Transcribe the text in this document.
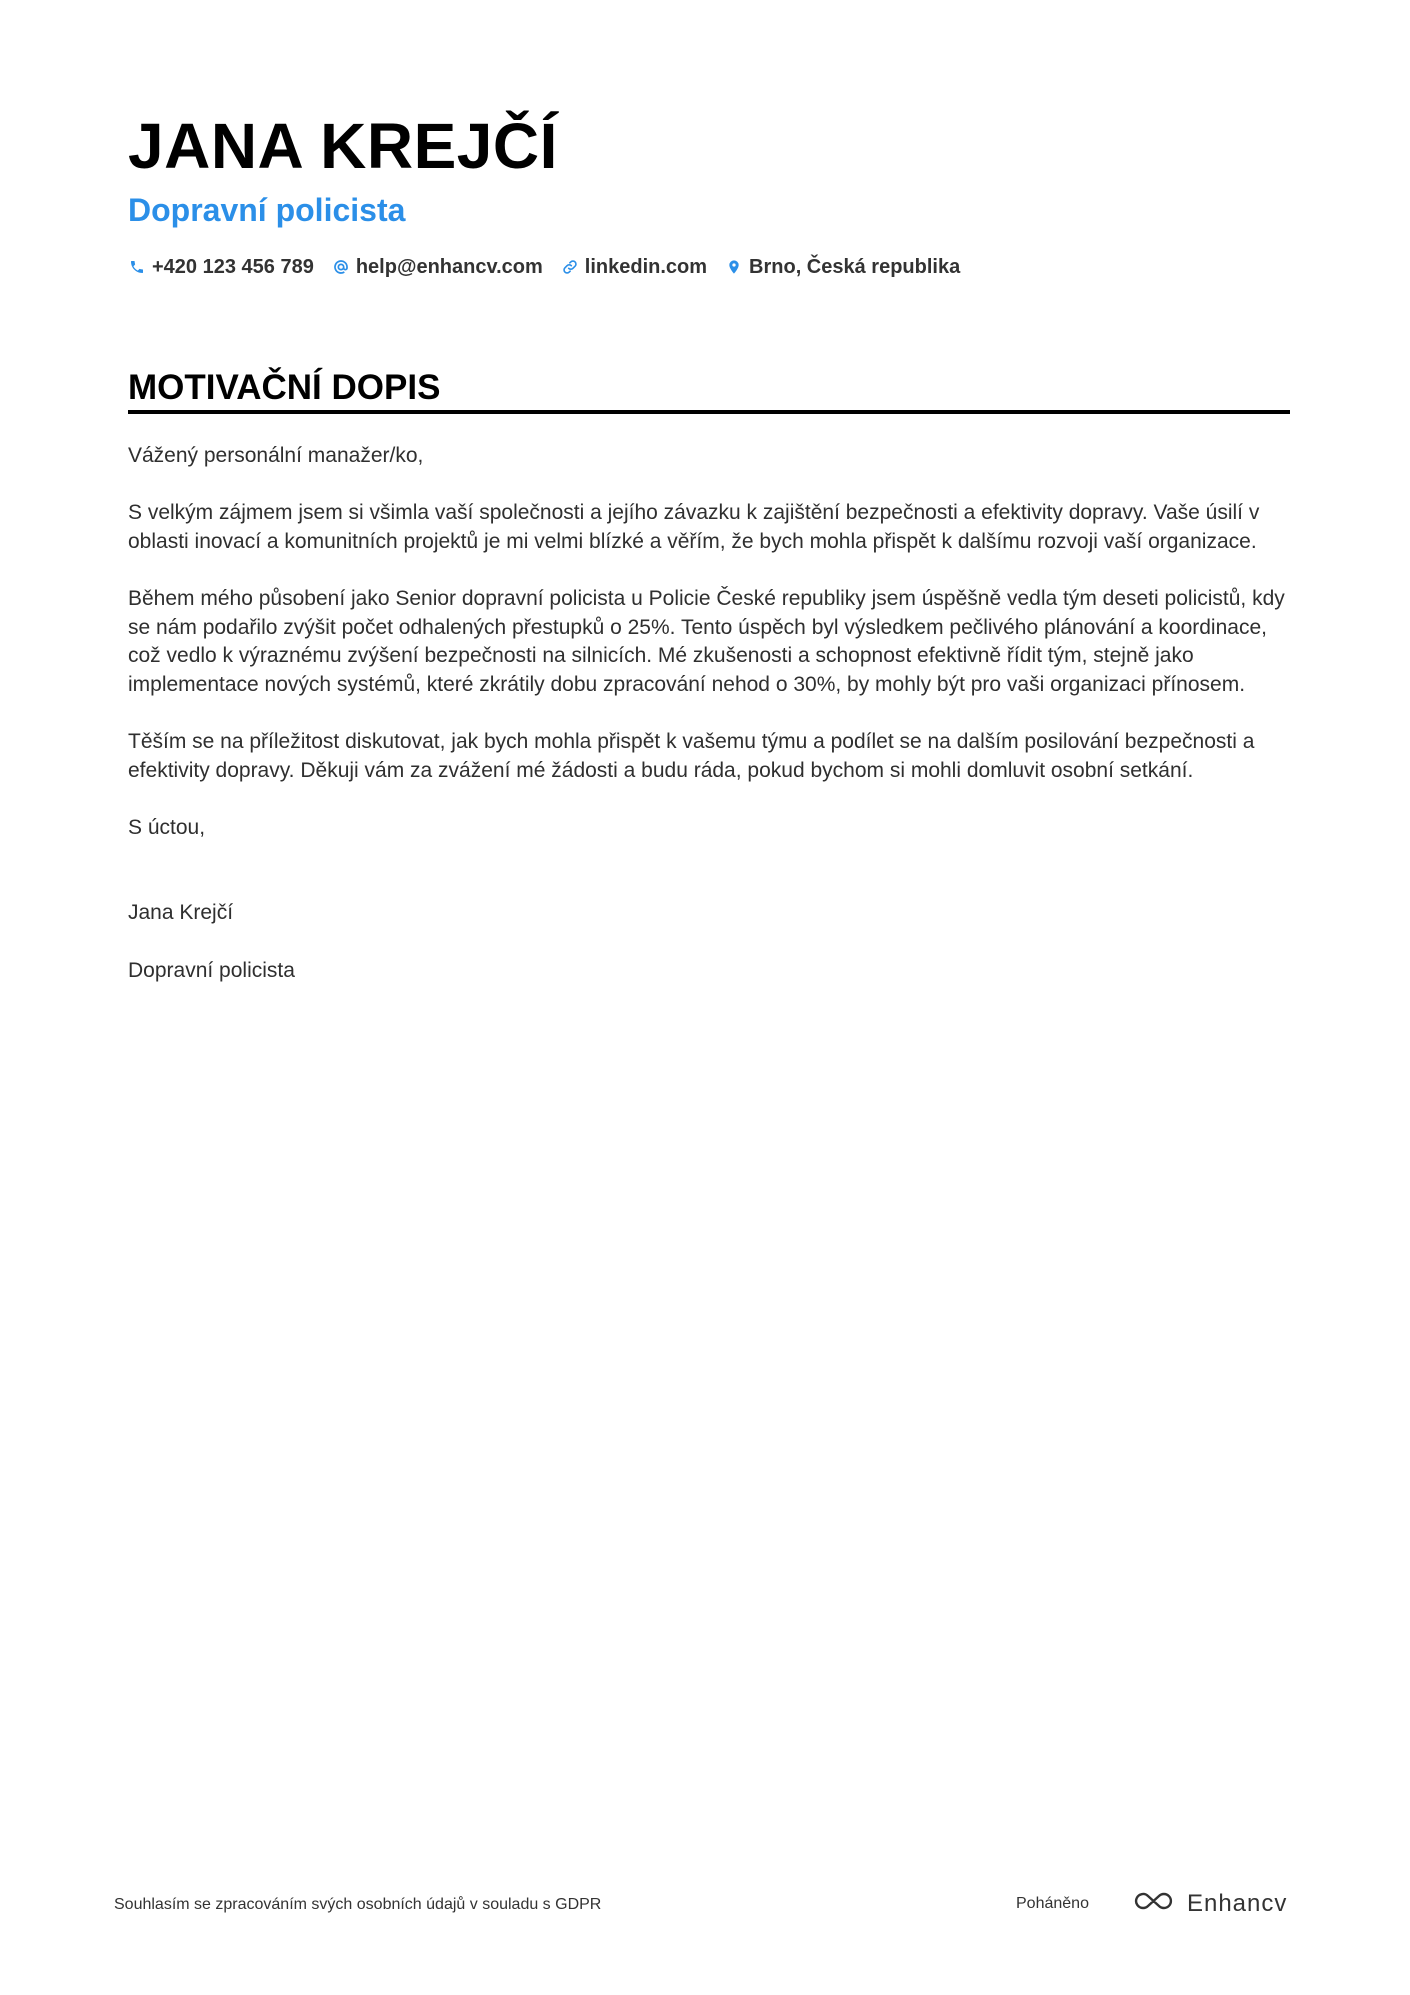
JANA KREJČÍ
Dopravní policista
+420 123 456 789 help@enhancv.com linkedin.com Brno, Česká republika
MOTIVAČNÍ DOPIS

Vážený personální manažer/ko,

S velkým zájmem jsem si všimla vaší společnosti a jejího závazku k zajištění bezpečnosti a efektivity dopravy. Vaše úsilí v oblasti inovací a komunitních projektů je mi velmi blízké a věřím, že bych mohla přispět k dalšímu rozvoji vaší organizace.

Během mého působení jako Senior dopravní policista u Policie České republiky jsem úspěšně vedla tým deseti policistů, kdy se nám podařilo zvýšit počet odhalených přestupků o 25%. Tento úspěch byl výsledkem pečlivého plánování a koordinace, což vedlo k výraznému zvýšení bezpečnosti na silnicích. Mé zkušenosti a schopnost efektivně řídit tým, stejně jako implementace nových systémů, které zkrátily dobu zpracování nehod o 30%, by mohly být pro vaši organizaci přínosem.

Těším se na příležitost diskutovat, jak bych mohla přispět k vašemu týmu a podílet se na dalším posilování bezpečnosti a efektivity dopravy. Děkuji vám za zvážení mé žádosti a budu ráda, pokud bychom si mohli domluvit osobní setkání.

S úctou,

Jana Krejčí

Dopravní policista

Souhlasím se zpracováním svých osobních údajů v souladu s GDPR	Poháněno	Enhancv
